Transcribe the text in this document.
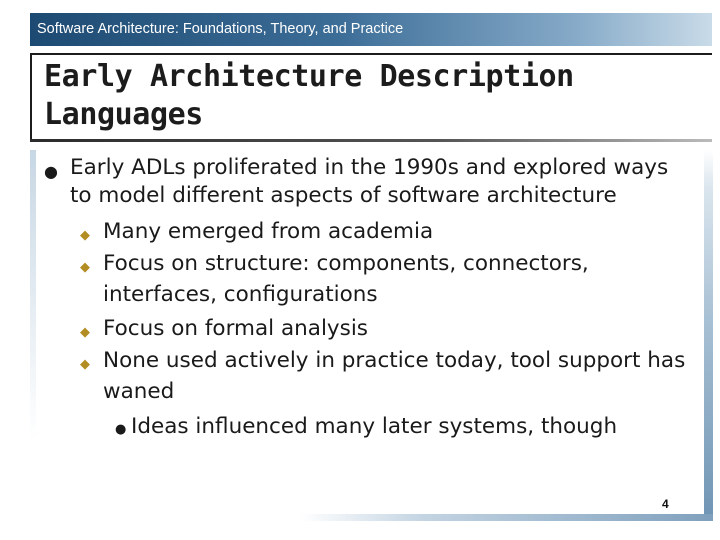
Software Architecture: Foundations, Theory, and Practice
Early Architecture Description Languages
● Early ADLs proliferated in the 1990s and explored ways
to model different aspects of software architecture
◆ Many emerged from academia
◆ Focus on structure: components, connectors,
interfaces, configurations
◆ Focus on formal analysis
◆ None used actively in practice today, tool support has
waned
● Ideas influenced many later systems, though
4
